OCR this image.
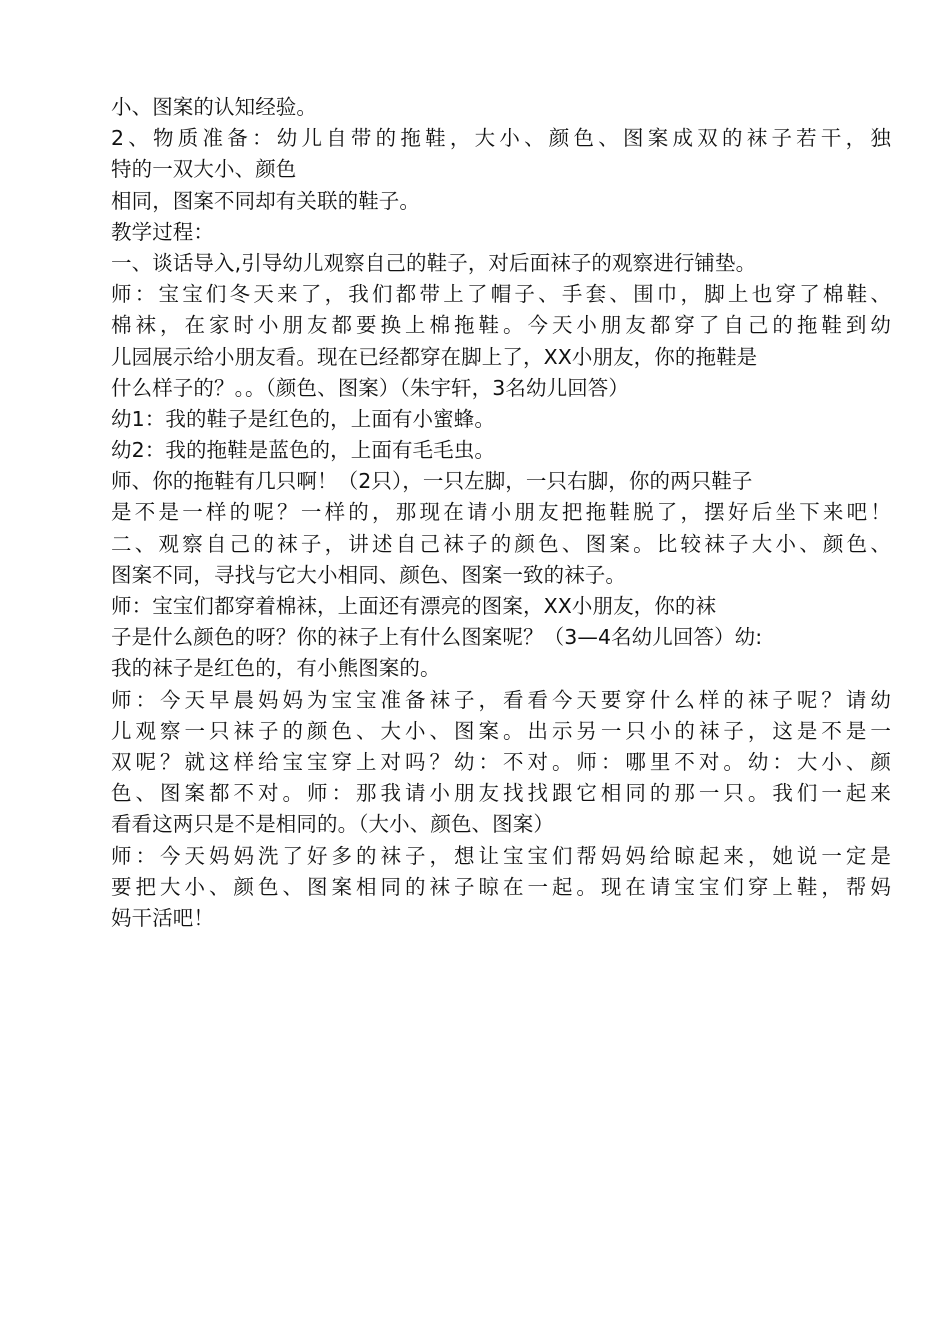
小、图案的认知经验。
2、物质准备：幼儿自带的拖鞋，大小、颜色、图案成双的袜子若干，独
特的一双大小、颜色
相同，图案不同却有关联的鞋子。
教学过程：
一、谈话导入,引导幼儿观察自己的鞋子，对后面袜子的观察进行铺垫。
师：宝宝们冬天来了，我们都带上了帽子、手套、围巾，脚上也穿了棉鞋、
棉袜，在家时小朋友都要换上棉拖鞋。今天小朋友都穿了自己的拖鞋到幼
儿园展示给小朋友看。现在已经都穿在脚上了，XX小朋友，你的拖鞋是
什么样子的？。。（颜色、图案）（朱宇轩，3名幼儿回答）
幼1：我的鞋子是红色的，上面有小蜜蜂。
幼2：我的拖鞋是蓝色的，上面有毛毛虫。
师、你的拖鞋有几只啊！（2只），一只左脚，一只右脚，你的两只鞋子
是不是一样的呢？一样的，那现在请小朋友把拖鞋脱了，摆好后坐下来吧！
二、观察自己的袜子，讲述自己袜子的颜色、图案。比较袜子大小、颜色、
图案不同，寻找与它大小相同、颜色、图案一致的袜子。
师：宝宝们都穿着棉袜，上面还有漂亮的图案，XX小朋友，你的袜
子是什么颜色的呀？你的袜子上有什么图案呢？（3—4名幼儿回答）幼:
我的袜子是红色的，有小熊图案的。
师：今天早晨妈妈为宝宝准备袜子，看看今天要穿什么样的袜子呢？请幼
儿观察一只袜子的颜色、大小、图案。出示另一只小的袜子，这是不是一
双呢？就这样给宝宝穿上对吗？幼：不对。师：哪里不对。幼：大小、颜
色、图案都不对。师：那我请小朋友找找跟它相同的那一只。我们一起来
看看这两只是不是相同的。（大小、颜色、图案）
师：今天妈妈洗了好多的袜子，想让宝宝们帮妈妈给晾起来，她说一定是
要把大小、颜色、图案相同的袜子晾在一起。现在请宝宝们穿上鞋，帮妈
妈干活吧！
